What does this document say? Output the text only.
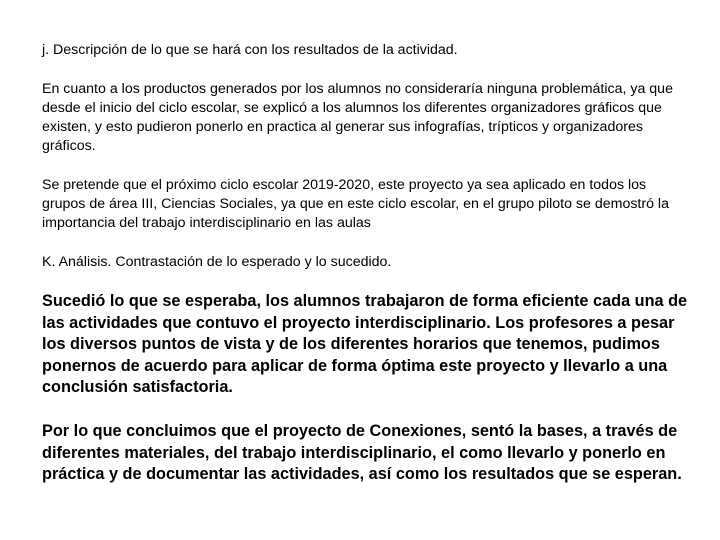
j. Descripción de lo que se hará con los resultados de la actividad.

En cuanto a los productos generados por los alumnos no consideraría ninguna problemática, ya que desde el inicio del ciclo escolar, se explicó a los alumnos los diferentes organizadores gráficos que existen, y esto pudieron ponerlo en practica al generar sus infografías, trípticos y organizadores gráficos.

Se pretende que el próximo ciclo escolar 2019-2020, este proyecto ya sea aplicado en todos los grupos de área III, Ciencias Sociales, ya que en este ciclo escolar, en el grupo piloto se demostró la importancia del trabajo interdisciplinario en las aulas

K. Análisis. Contrastación de lo esperado y lo sucedido.

Sucedió lo que se esperaba, los alumnos trabajaron de forma eficiente cada una de las actividades que contuvo el proyecto interdisciplinario. Los profesores a pesar los diversos puntos de vista y de los diferentes horarios que tenemos, pudimos ponernos de acuerdo para aplicar de forma óptima este proyecto y llevarlo a una conclusión satisfactoria.

Por lo que concluimos que el proyecto de Conexiones, sentó la bases, a través de diferentes materiales, del trabajo interdisciplinario, el como llevarlo y ponerlo en práctica y de documentar las actividades, así como los resultados que se esperan.
